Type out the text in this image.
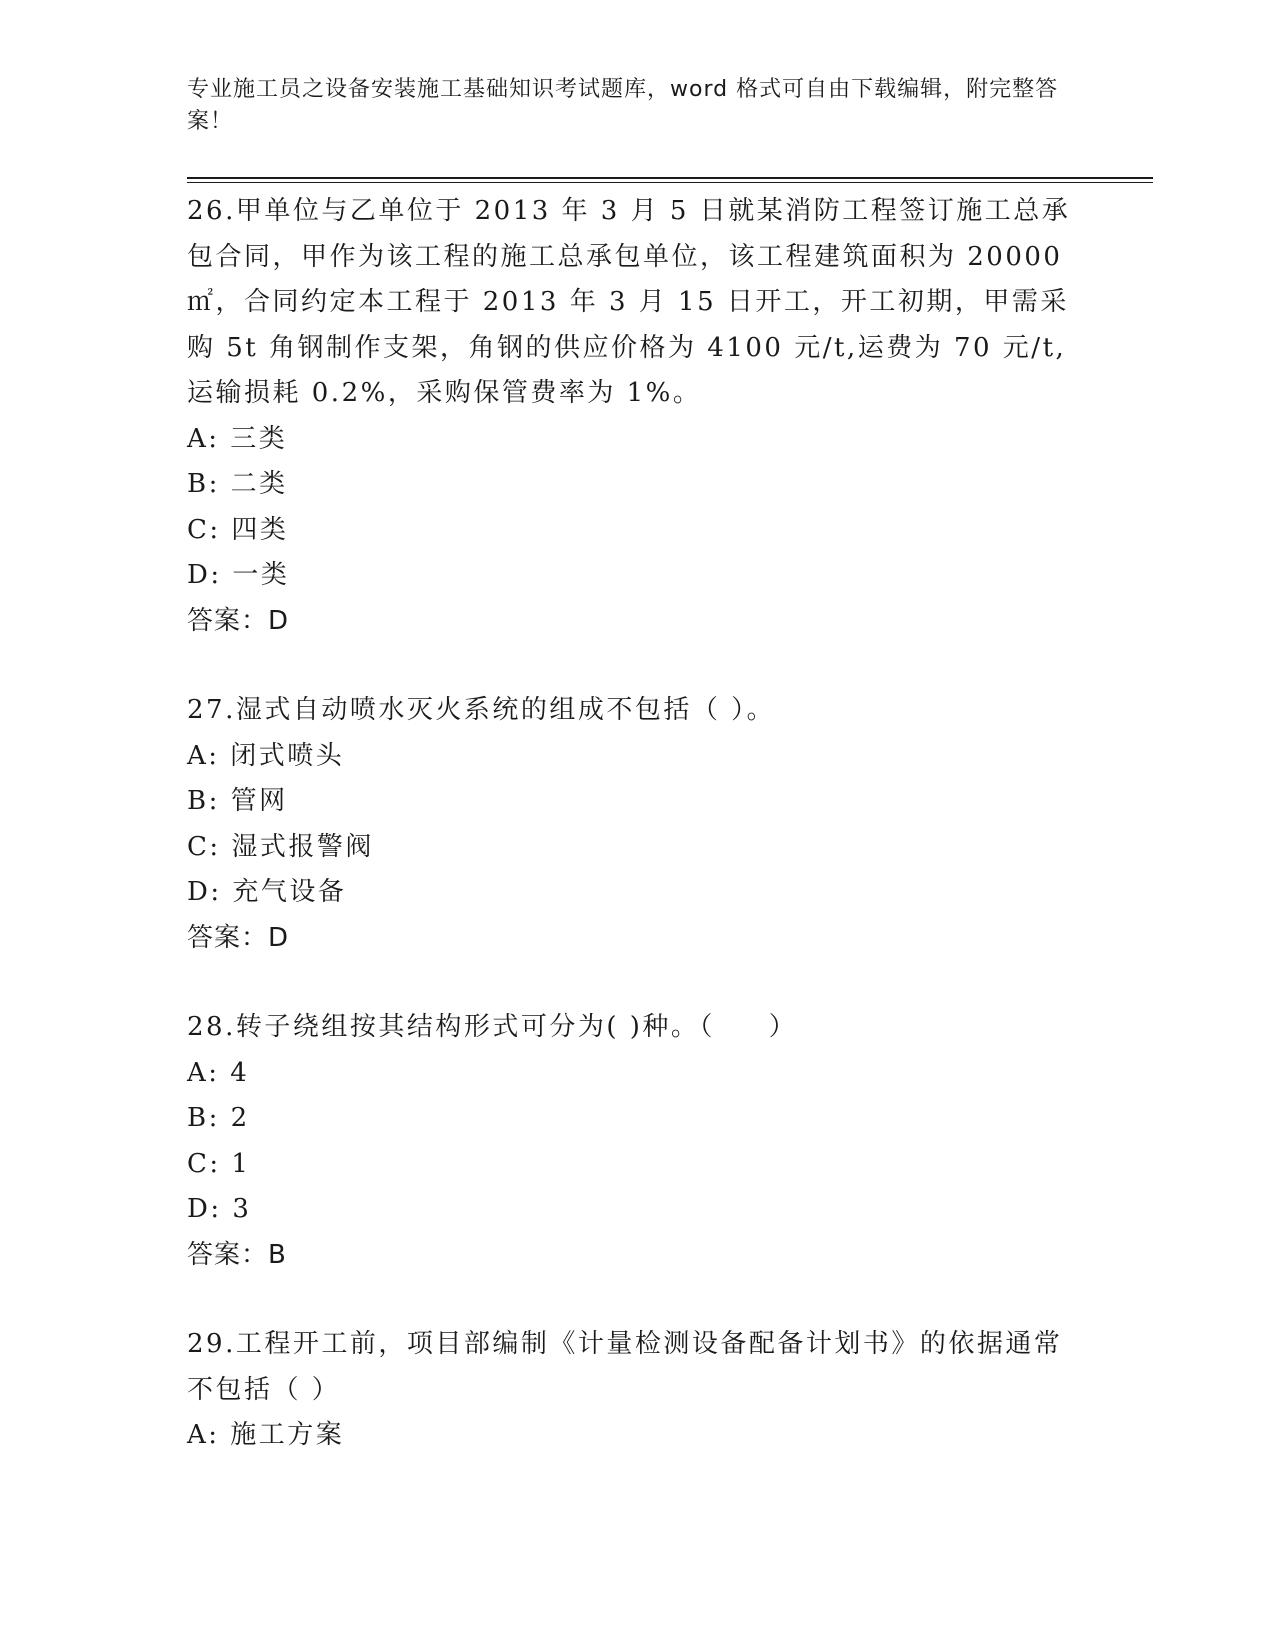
专业施工员之设备安装施工基础知识考试题库，word 格式可自由下载编辑，附完整答案！

26.甲单位与乙单位于 2013 年 3 月 5 日就某消防工程签订施工总承包合同，甲作为该工程的施工总承包单位，该工程建筑面积为 20000㎡，合同约定本工程于 2013 年 3 月 15 日开工，开工初期，甲需采购 5t 角钢制作支架，角钢的供应价格为 4100 元/t,运费为 70 元/t,运输损耗 0.2%，采购保管费率为 1%。

A: 三类

B: 二类

C: 四类

D: 一类

答案：D

27.湿式自动喷水灭火系统的组成不包括（ ）。

A: 闭式喷头

B: 管网

C: 湿式报警阀

D: 充气设备

答案：D

28.转子绕组按其结构形式可分为( )种。（     ）

A: 4

B: 2

C: 1

D: 3

答案：B

29.工程开工前，项目部编制《计量检测设备配备计划书》的依据通常不包括（ ）

A: 施工方案
